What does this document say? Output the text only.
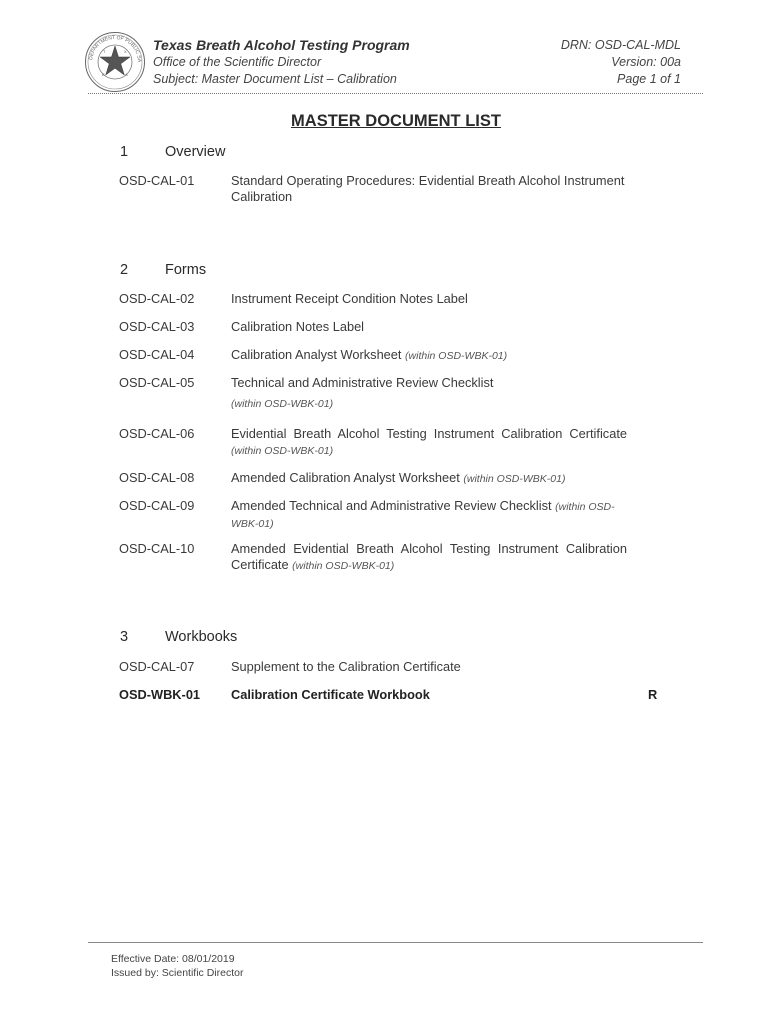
DEPARTMENT OF PUBLIC SA
T	X
E	A
Texas Breath Alcohol Testing Program
Office of the Scientific Director
Subject: Master Document List – Calibration
DRN: OSD-CAL-MDL
Version: 00a
Page 1 of 1
MASTER DOCUMENT LIST
1	Overview
OSD-CAL-01	Standard Operating Procedures: Evidential Breath Alcohol Instrument Calibration
2	Forms
OSD-CAL-02	Instrument Receipt Condition Notes Label
OSD-CAL-03	Calibration Notes Label
OSD-CAL-04	Calibration Analyst Worksheet (within OSD-WBK-01)
OSD-CAL-05	Technical and Administrative Review Checklist
(within OSD-WBK-01)
OSD-CAL-06	Evidential Breath Alcohol Testing Instrument Calibration Certificate (within OSD-WBK-01)
OSD-CAL-08	Amended Calibration Analyst Worksheet (within OSD-WBK-01)
OSD-CAL-09	Amended Technical and Administrative Review Checklist (within OSD-WBK-01)
OSD-CAL-10	Amended Evidential Breath Alcohol Testing Instrument Calibration Certificate (within OSD-WBK-01)
3	Workbooks
OSD-CAL-07	Supplement to the Calibration Certificate
OSD-WBK-01	Calibration Certificate Workbook	R
Effective Date: 08/01/2019
Issued by: Scientific Director
